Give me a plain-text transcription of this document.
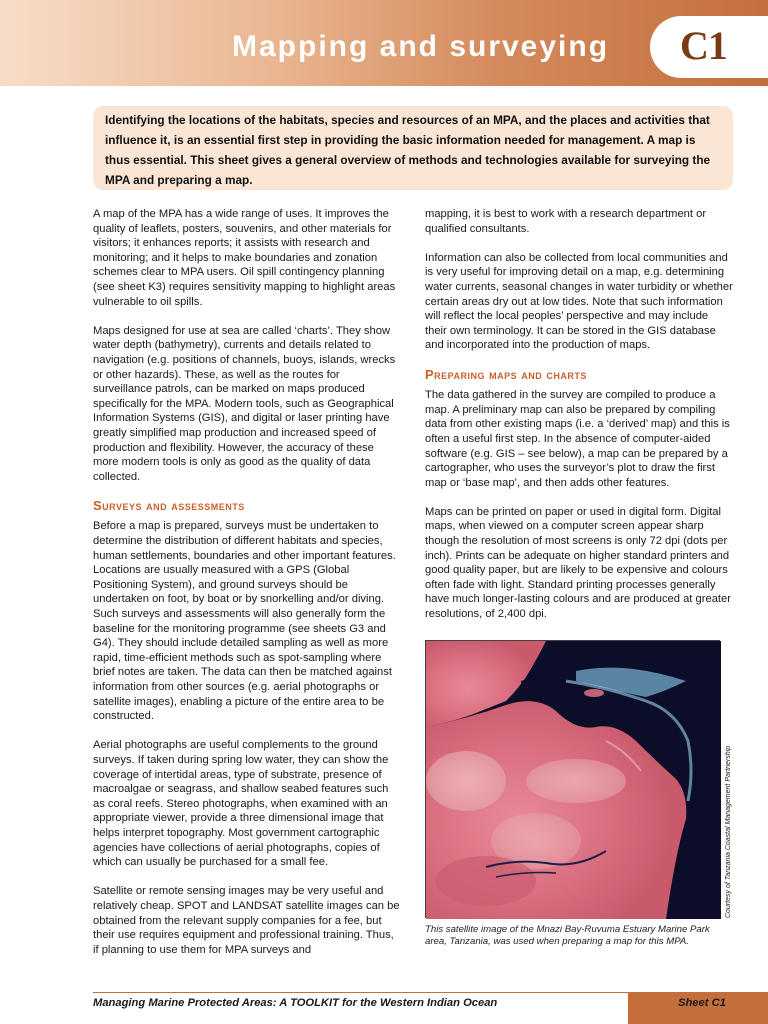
Mapping and surveying C1

Identifying the locations of the habitats, species and resources of an MPA, and the places and activities that influence it, is an essential first step in providing the basic information needed for management. A map is thus essential. This sheet gives a general overview of methods and technologies available for surveying the MPA and preparing a map.

A map of the MPA has a wide range of uses. It improves the quality of leaflets, posters, souvenirs, and other materials for visitors; it enhances reports; it assists with research and monitoring; and it helps to make boundaries and zonation schemes clear to MPA users. Oil spill contingency planning (see sheet K3) requires sensitivity mapping to highlight areas vulnerable to oil spills.

Maps designed for use at sea are called ‘charts’. They show water depth (bathymetry), currents and details related to navigation (e.g. positions of channels, buoys, islands, wrecks or other hazards). These, as well as the routes for surveillance patrols, can be marked on maps produced specifically for the MPA. Modern tools, such as Geographical Information Systems (GIS), and digital or laser printing have greatly simplified map production and increased speed of production and flexibility. However, the accuracy of these more modern tools is only as good as the quality of data collected.

Surveys and assessments

Before a map is prepared, surveys must be undertaken to determine the distribution of different habitats and species, human settlements, boundaries and other important features. Locations are usually measured with a GPS (Global Positioning System), and ground surveys should be undertaken on foot, by boat or by snorkelling and/or diving. Such surveys and assessments will also generally form the baseline for the monitoring programme (see sheets G3 and G4). They should include detailed sampling as well as more rapid, time-efficient methods such as spot-sampling where brief notes are taken. The data can then be matched against information from other sources (e.g. aerial photographs or satellite images), enabling a picture of the entire area to be constructed.

Aerial photographs are useful complements to the ground surveys. If taken during spring low water, they can show the coverage of intertidal areas, type of substrate, presence of macroalgae or seagrass, and shallow seabed features such as coral reefs. Stereo photographs, when examined with an appropriate viewer, provide a three dimensional image that helps interpret topography. Most government cartographic agencies have collections of aerial photographs, copies of which can usually be purchased for a small fee.

Satellite or remote sensing images may be very useful and relatively cheap. SPOT and LANDSAT satellite images can be obtained from the relevant supply companies for a fee, but their use requires equipment and professional training. Thus, if planning to use them for MPA surveys and

mapping, it is best to work with a research department or qualified consultants.

Information can also be collected from local communities and is very useful for improving detail on a map, e.g. determining water currents, seasonal changes in water turbidity or whether certain areas dry out at low tides. Note that such information will reflect the local peoples’ perspective and may include their own terminology. It can be stored in the GIS database and incorporated into the production of maps.

Preparing maps and charts

The data gathered in the survey are compiled to produce a map. A preliminary map can also be prepared by compiling data from other existing maps (i.e. a ‘derived’ map) and this is often a useful first step. In the absence of computer-aided software (e.g. GIS – see below), a map can be prepared by a cartographer, who uses the surveyor’s plot to draw the first map or ‘base map’, and then adds other features.

Maps can be printed on paper or used in digital form. Digital maps, when viewed on a computer screen appear sharp though the resolution of most screens is only 72 dpi (dots per inch). Prints can be adequate on higher standard printers and good quality paper, but are likely to be expensive and colours often fade with light. Standard printing processes generally have much longer-lasting colours and are produced at greater resolutions, of 2,400 dpi.

Courtesy of Tanzania Coastal Management Partnership
This satellite image of the Mnazi Bay-Ruvuma Estuary Marine Park area, Tanzania, was used when preparing a map for this MPA.
Managing Marine Protected Areas: A TOOLKIT for the Western Indian Ocean	Sheet C1
